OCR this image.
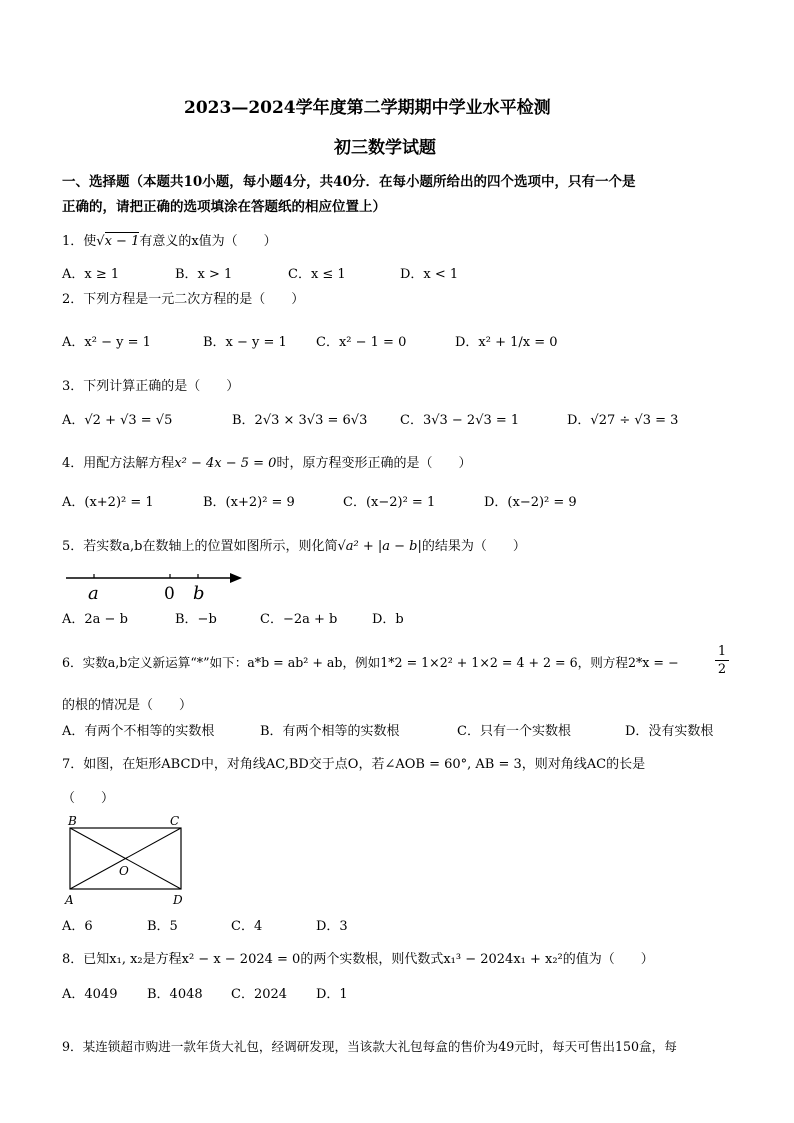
2023—2024学年度第二学期期中学业水平检测
初三数学试题
一、选择题（本题共10小题，每小题4分，共40分．在每小题所给出的四个选项中，只有一个是
正确的，请把正确的选项填涂在答题纸的相应位置上）
1．使√x − 1有意义的x值为（　　）
A．x ≥ 1	B．x > 1	C．x ≤ 1	D．x < 1
2．下列方程是一元二次方程的是（　　）
A．x² − y = 1	B．x − y = 1 C．x² − 1 = 0	D．x² + 1/x = 0
3．下列计算正确的是（　　）
A．√2 + √3 = √5	B．2√3 × 3√3 = 6√3	C．3√3 − 2√3 = 1	D．√27 ÷ √3 = 3
4．用配方法解方程x² − 4x − 5 = 0时，原方程变形正确的是（　　）
A．(x+2)² = 1	B．(x+2)² = 9	C．(x−2)² = 1	D．(x−2)² = 9
5．若实数a,b在数轴上的位置如图所示，则化简√a² + |a − b|的结果为（　　）
a	0 b
A．2a − b	B．−b	C．−2a + b	D．b
6．实数a,b定义新运算“*”如下：a*b = ab² + ab，例如1*2 = 1×2² + 1×2 = 4 + 2 = 6，则方程2*x = −	$\frac{1}{2}$
的根的情况是（　　）
A．有两个不相等的实数根	B．有两个相等的实数根	C．只有一个实数根	D．没有实数根
7．如图，在矩形ABCD中，对角线AC,BD交于点O，若∠AOB = 60°, AB = 3，则对角线AC的长是
（　　）
B	C
O
A	D
A．6	B．5	C．4	D．3
8．已知x₁, x₂是方程x² − x − 2024 = 0的两个实数根，则代数式x₁³ − 2024x₁ + x₂²的值为（　　）
A．4049 B．4048 C．2024 D．1
9．某连锁超市购进一款年货大礼包，经调研发现，当该款大礼包每盒的售价为49元时，每天可售出150盒，每
